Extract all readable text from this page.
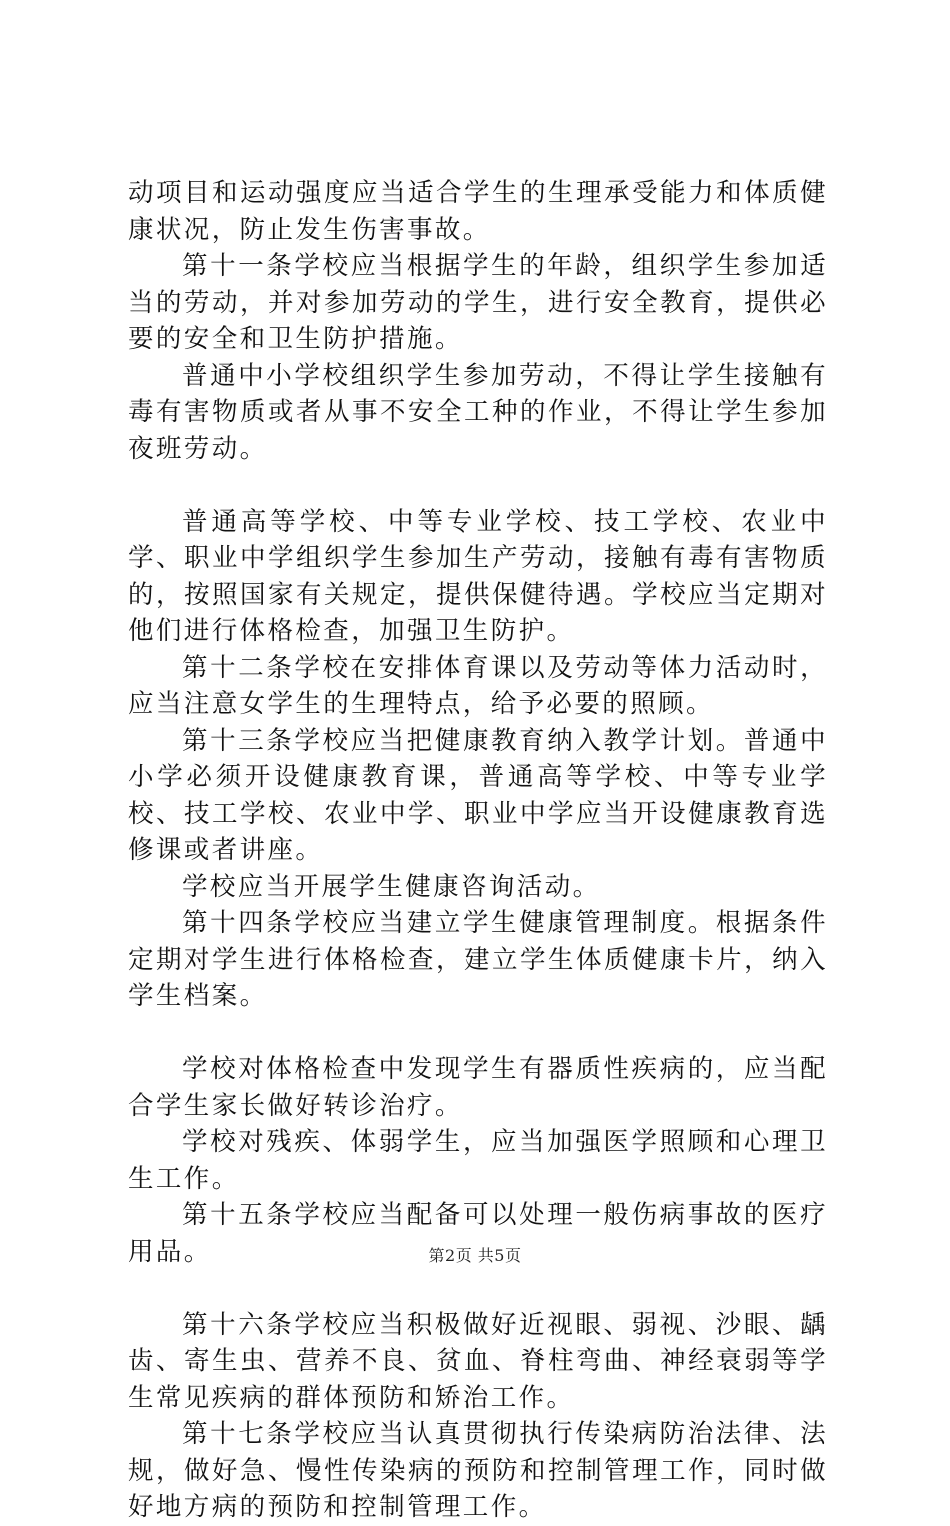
动项目和运动强度应当适合学生的生理承受能力和体质健康状况，防止发生伤害事故。

第十一条学校应当根据学生的年龄，组织学生参加适当的劳动，并对参加劳动的学生，进行安全教育，提供必要的安全和卫生防护措施。

普通中小学校组织学生参加劳动，不得让学生接触有毒有害物质或者从事不安全工种的作业，不得让学生参加夜班劳动。

普通高等学校、中等专业学校、技工学校、农业中学、职业中学组织学生参加生产劳动，接触有毒有害物质的，按照国家有关规定，提供保健待遇。学校应当定期对他们进行体格检查，加强卫生防护。

第十二条学校在安排体育课以及劳动等体力活动时，应当注意女学生的生理特点，给予必要的照顾。

第十三条学校应当把健康教育纳入教学计划。普通中小学必须开设健康教育课，普通高等学校、中等专业学校、技工学校、农业中学、职业中学应当开设健康教育选修课或者讲座。

学校应当开展学生健康咨询活动。

第十四条学校应当建立学生健康管理制度。根据条件定期对学生进行体格检查，建立学生体质健康卡片，纳入学生档案。

学校对体格检查中发现学生有器质性疾病的，应当配合学生家长做好转诊治疗。

学校对残疾、体弱学生，应当加强医学照顾和心理卫生工作。

第十五条学校应当配备可以处理一般伤病事故的医疗用品。

第十六条学校应当积极做好近视眼、弱视、沙眼、龋齿、寄生虫、营养不良、贫血、脊柱弯曲、神经衰弱等学生常见疾病的群体预防和矫治工作。

第十七条学校应当认真贯彻执行传染病防治法律、法规，做好急、慢性传染病的预防和控制管理工作，同时做好地方病的预防和控制管理工作。

第2页 共5页
